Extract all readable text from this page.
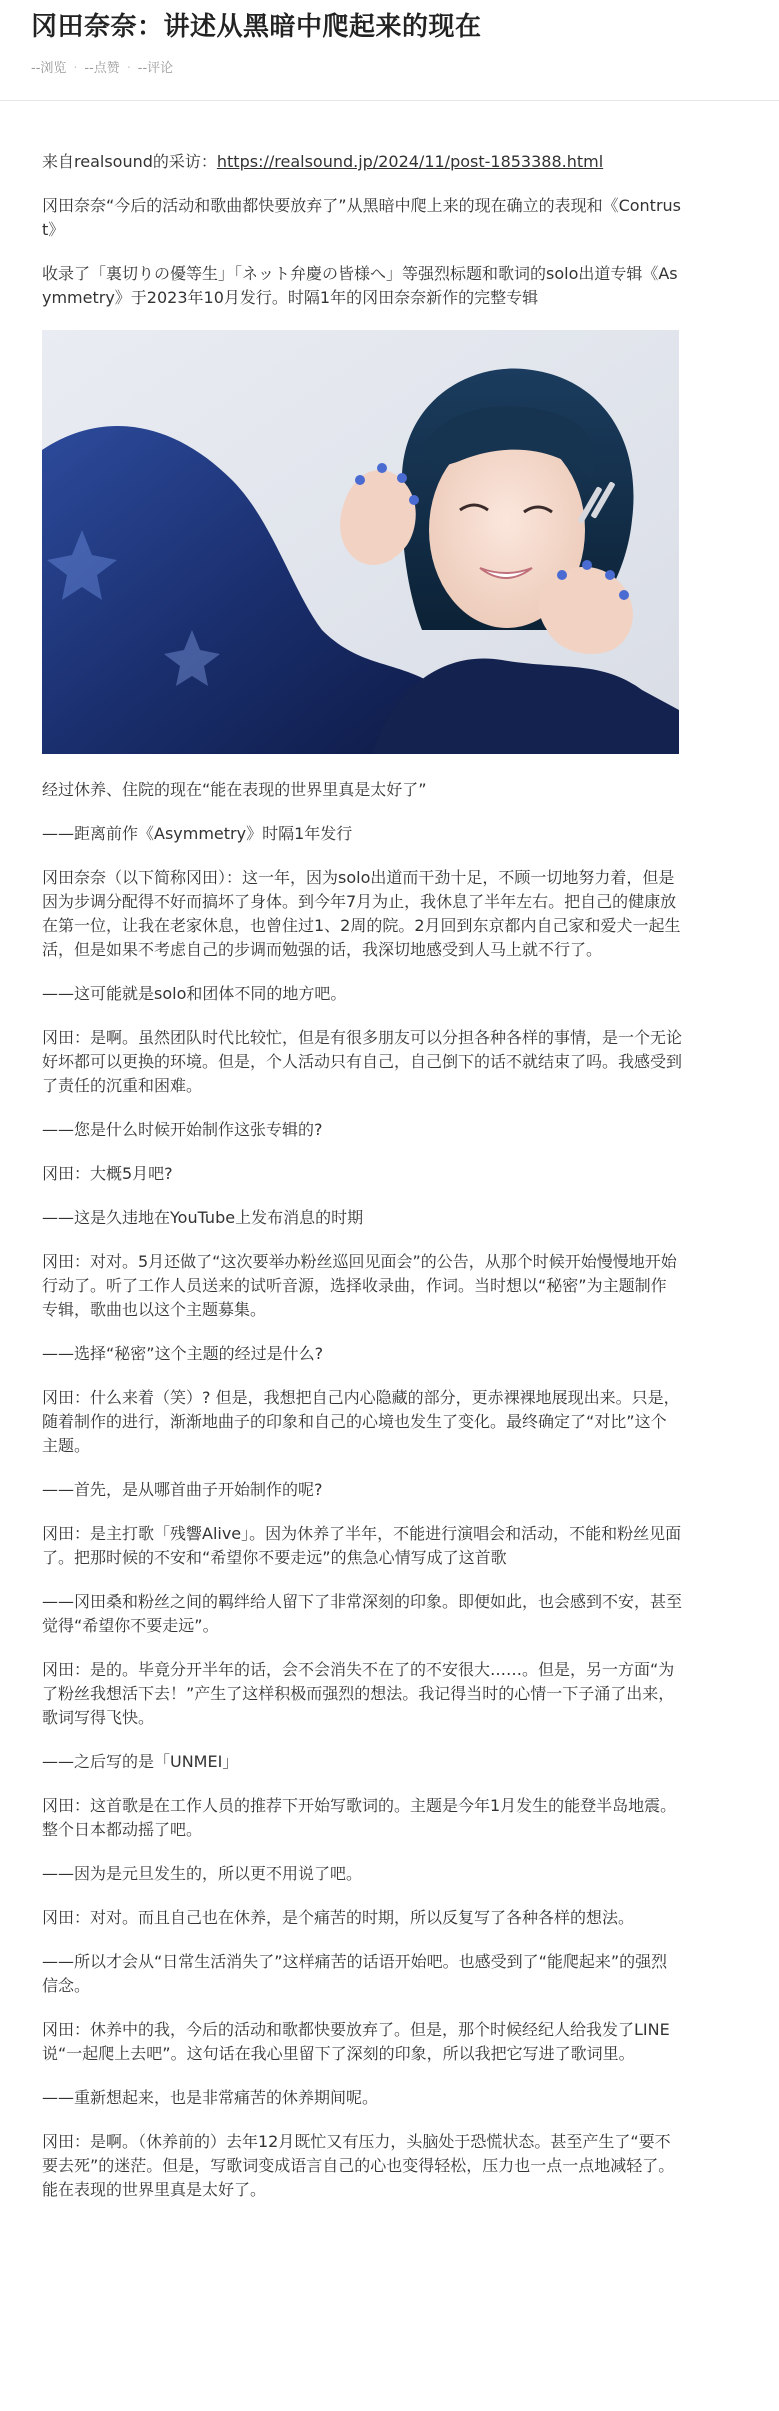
冈田奈奈：讲述从黑暗中爬起来的现在
--浏览 · --点赞 · --评论

来自realsound的采访：https://realsound.jp/2024/11/post-1853388.html

冈田奈奈“今后的活动和歌曲都快要放弃了”从黑暗中爬上来的现在确立的表现和《Contrust》

收录了「裏切りの優等生」「ネット弁慶の皆様へ」等强烈标题和歌词的solo出道专辑《Asymmetry》于2023年10月发行。时隔1年的冈田奈奈新作的完整专辑

经过休养、住院的现在“能在表现的世界里真是太好了”

——距离前作《Asymmetry》时隔1年发行

冈田奈奈（以下简称冈田）：这一年，因为solo出道而干劲十足，不顾一切地努力着，但是因为步调分配得不好而搞坏了身体。到今年7月为止，我休息了半年左右。把自己的健康放在第一位，让我在老家休息，也曾住过1、2周的院。2月回到东京都内自己家和爱犬一起生活，但是如果不考虑自己的步调而勉强的话，我深切地感受到人马上就不行了。

——这可能就是solo和团体不同的地方吧。

冈田：是啊。虽然团队时代比较忙，但是有很多朋友可以分担各种各样的事情，是一个无论好坏都可以更换的环境。但是，个人活动只有自己，自己倒下的话不就结束了吗。我感受到了责任的沉重和困难。

——您是什么时候开始制作这张专辑的?

冈田：大概5月吧?

——这是久违地在YouTube上发布消息的时期

冈田：对对。5月还做了“这次要举办粉丝巡回见面会”的公告，从那个时候开始慢慢地开始行动了。听了工作人员送来的试听音源，选择收录曲，作词。当时想以“秘密”为主题制作专辑，歌曲也以这个主题募集。

——选择“秘密”这个主题的经过是什么?

冈田：什么来着（笑）? 但是，我想把自己内心隐藏的部分，更赤裸裸地展现出来。只是，随着制作的进行，渐渐地曲子的印象和自己的心境也发生了变化。最终确定了“对比”这个主题。

——首先，是从哪首曲子开始制作的呢?

冈田：是主打歌「残響Alive」。因为休养了半年，不能进行演唱会和活动，不能和粉丝见面了。把那时候的不安和“希望你不要走远”的焦急心情写成了这首歌

——冈田桑和粉丝之间的羁绊给人留下了非常深刻的印象。即便如此，也会感到不安，甚至觉得“希望你不要走远”。

冈田：是的。毕竟分开半年的话，会不会消失不在了的不安很大……。但是，另一方面“为了粉丝我想活下去！”产生了这样积极而强烈的想法。我记得当时的心情一下子涌了出来，歌词写得飞快。

——之后写的是「UNMEI」

冈田：这首歌是在工作人员的推荐下开始写歌词的。主题是今年1月发生的能登半岛地震。整个日本都动摇了吧。

——因为是元旦发生的，所以更不用说了吧。

冈田：对对。而且自己也在休养，是个痛苦的时期，所以反复写了各种各样的想法。

——所以才会从“日常生活消失了”这样痛苦的话语开始吧。也感受到了“能爬起来”的强烈信念。

冈田：休养中的我，今后的活动和歌都快要放弃了。但是，那个时候经纪人给我发了LINE说“一起爬上去吧”。这句话在我心里留下了深刻的印象，所以我把它写进了歌词里。

——重新想起来，也是非常痛苦的休养期间呢。

冈田：是啊。（休养前的）去年12月既忙又有压力，头脑处于恐慌状态。甚至产生了“要不要去死”的迷茫。但是，写歌词变成语言自己的心也变得轻松，压力也一点一点地减轻了。能在表现的世界里真是太好了。
